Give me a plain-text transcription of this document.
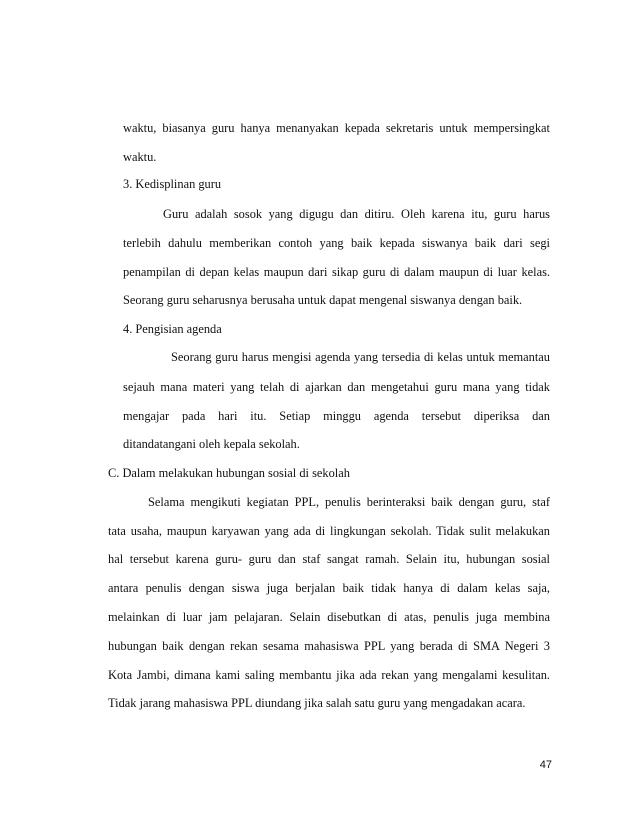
waktu, biasanya guru hanya menanyakan kepada sekretaris untuk mempersingkat
waktu.
3. Kedisplinan guru
Guru adalah sosok yang digugu dan ditiru. Oleh karena itu, guru harus
terlebih dahulu memberikan contoh yang baik kepada siswanya baik dari segi
penampilan di depan kelas maupun dari sikap guru di dalam maupun di luar kelas.
Seorang guru seharusnya berusaha untuk dapat mengenal siswanya dengan baik.
4. Pengisian agenda
Seorang guru harus mengisi agenda yang tersedia di kelas untuk memantau
sejauh mana materi yang telah di ajarkan dan mengetahui guru mana yang tidak
mengajar pada hari itu. Setiap minggu agenda tersebut diperiksa dan
ditandatangani oleh kepala sekolah.
C. Dalam melakukan hubungan sosial di sekolah
Selama mengikuti kegiatan PPL, penulis berinteraksi baik dengan guru, staf
tata usaha, maupun karyawan yang ada di lingkungan sekolah. Tidak sulit melakukan
hal tersebut karena guru- guru dan staf sangat ramah. Selain itu, hubungan sosial
antara penulis dengan siswa juga berjalan baik tidak hanya di dalam kelas saja,
melainkan di luar jam pelajaran. Selain disebutkan di atas, penulis juga membina
hubungan baik dengan rekan sesama mahasiswa PPL yang berada di SMA Negeri 3
Kota Jambi, dimana kami saling membantu jika ada rekan yang mengalami kesulitan.
Tidak jarang mahasiswa PPL diundang jika salah satu guru yang mengadakan acara.
47
